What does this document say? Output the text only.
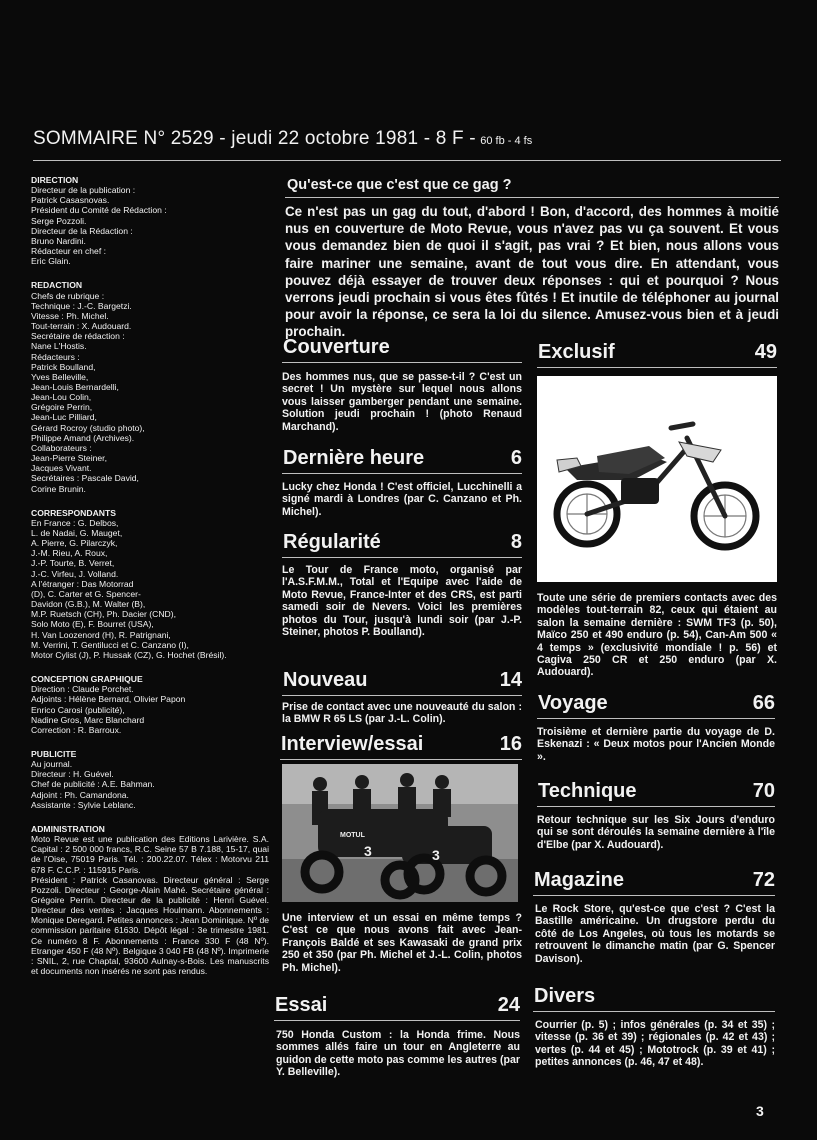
SOMMAIRE N° 2529 - jeudi 22 octobre 1981 - 8 F - 60 fb - 4 fs
DIRECTION
Directeur de la publication :
Patrick Casasnovas.
Président du Comité de Rédaction :
Serge Pozzoli.
Directeur de la Rédaction :
Bruno Nardini.
Rédacteur en chef :
Eric Glain.
REDACTION
Chefs de rubrique :
Technique : J.-C. Bargetzi.
Vitesse : Ph. Michel.
Tout-terrain : X. Audouard.
Secrétaire de rédaction :
Nane L'Hostis.
Rédacteurs :
Patrick Boulland,
Yves Belleville,
Jean-Louis Bernardelli,
Jean-Lou Colin,
Grégoire Perrin,
Jean-Luc Pilliard,
Gérard Rocroy (studio photo),
Philippe Amand (Archives).
Collaborateurs :
Jean-Pierre Steiner,
Jacques Vivant.
Secrétaires : Pascale David,
Corine Brunin.
CORRESPONDANTS
En France : G. Delbos,
L. de Nadai, G. Mauget,
A. Pierre, G. Pilarczyk,
J.-M. Rieu, A. Roux,
J.-P. Tourte, B. Verret,
J.-C. Virfeu, J. Volland.
A l'étranger : Das Motorrad
(D), C. Carter et G. Spencer-
Davidon (G.B.), M. Walter (B),
M.P. Ruetsch (CH), Ph. Dacier (CND),
Solo Moto (E), F. Bourret (USA),
H. Van Loozenord (H), R. Patrignani,
M. Verrini, T. Gentilucci et C. Canzano (I),
Motor Cylist (J), P. Hussak (CZ), G. Hochet (Brésil).
CONCEPTION GRAPHIQUE
Direction : Claude Porchet.
Adjoints : Hélène Bernard, Olivier Papon
Enrico Carosi (publicité),
Nadine Gros, Marc Blanchard
Correction : R. Barroux.
PUBLICITE
Au journal.
Directeur : H. Guével.
Chef de publicité : A.E. Bahman.
Adjoint : Ph. Camandona.
Assistante : Sylvie Leblanc.
ADMINISTRATION
Moto Revue est une publication des Editions Larivière. S.A. Capital : 2 500 000 francs, R.C. Seine 57 B 7.188, 15-17, quai de l'Oise, 75019 Paris. Tél. : 200.22.07. Télex : Motorvu 211 678 F. C.C.P. : 115915 Paris.
Président : Patrick Casanovas. Directeur général : Serge Pozzoli. Directeur : George-Alain Mahé. Secrétaire général : Grégoire Perrin. Directeur de la publicité : Henri Guével. Directeur des ventes : Jacques Houlmann. Abonnements : Monique Deregard. Petites annonces : Jean Dominique. Nº de commission paritaire 61630. Dépôt légal : 3e trimestre 1981. Ce numéro 8 F. Abonnements : France 330 F (48 Nº). Etranger 450 F (48 Nº). Belgique 3 040 FB (48 Nº). Imprimerie : SNIL, 2, rue Chaptal, 93600 Aulnay-s-Bois. Les manuscrits et documents non insérés ne sont pas rendus.
Qu'est-ce que c'est que ce gag ?
Ce n'est pas un gag du tout, d'abord ! Bon, d'accord, des hommes à moitié nus en couverture de Moto Revue, vous n'avez pas vu ça souvent. Et vous vous demandez bien de quoi il s'agit, pas vrai ? Et bien, nous allons vous faire mariner une semaine, avant de tout vous dire. En attendant, vous pouvez déjà essayer de trouver deux réponses : qui et pourquoi ? Nous verrons jeudi prochain si vous êtes fûtés ! Et inutile de téléphoner au journal pour avoir la réponse, ce sera la loi du silence. Amusez-vous bien et à jeudi prochain.
Couverture
Des hommes nus, que se passe-t-il ? C'est un secret ! Un mystère sur lequel nous allons vous laisser gamberger pendant une semaine. Solution jeudi prochain ! (photo Renaud Marchand).
Dernière heure	6
Lucky chez Honda ! C'est officiel, Lucchinelli a signé mardi à Londres (par C. Canzano et Ph. Michel).
Régularité	8
Le Tour de France moto, organisé par l'A.S.F.M.M., Total et l'Equipe avec l'aide de Moto Revue, France-Inter et des CRS, est parti samedi soir de Nevers. Voici les premières photos du Tour, jusqu'à lundi soir (par J.-P. Steiner, photos P. Boulland).
Nouveau	14
Prise de contact avec une nouveauté du salon : la BMW R 65 LS (par J.-L. Colin).
Interview/essai	16
MOTUL
3	3
Une interview et un essai en même temps ? C'est ce que nous avons fait avec Jean-François Baldé et ses Kawasaki de grand prix 250 et 350 (par Ph. Michel et J.-L. Colin, photos Ph. Michel).
Essai	24
750 Honda Custom : la Honda frime. Nous sommes allés faire un tour en Angleterre au guidon de cette moto pas comme les autres (par Y. Belleville).
Exclusif	49
Toute une série de premiers contacts avec des modèles tout-terrain 82, ceux qui étaient au salon la semaine dernière : SWM TF3 (p. 50), Maïco 250 et 490 enduro (p. 54), Can-Am 500 « 4 temps » (exclusivité mondiale ! p. 56) et Cagiva 250 CR et 250 enduro (par X. Audouard).
Voyage	66
Troisième et dernière partie du voyage de D. Eskenazi : « Deux motos pour l'Ancien Monde ».
Technique	70
Retour technique sur les Six Jours d'enduro qui se sont déroulés la semaine dernière à l'île d'Elbe (par X. Audouard).
Magazine	72
Le Rock Store, qu'est-ce que c'est ? C'est la Bastille américaine. Un drugstore perdu du côté de Los Angeles, où tous les motards se retrouvent le dimanche matin (par G. Spencer Davison).
Divers
Courrier (p. 5) ; infos générales (p. 34 et 35) ; vitesse (p. 36 et 39) ; régionales (p. 42 et 43) ; vertes (p. 44 et 45) ; Mototrock (p. 39 et 41) ; petites annonces (p. 46, 47 et 48).
3
